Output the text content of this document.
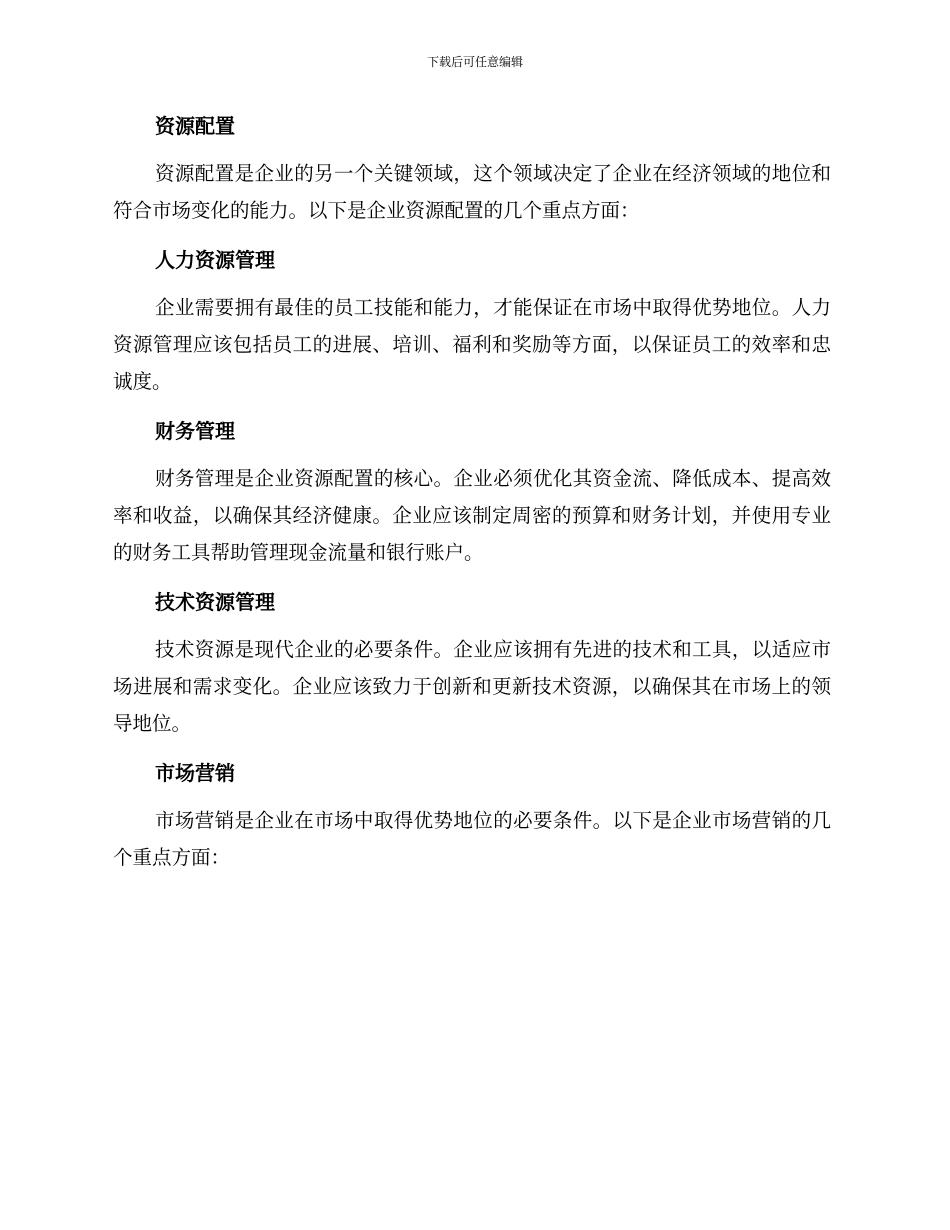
下载后可任意编辑
资源配置
资源配置是企业的另一个关键领域，这个领域决定了企业在经济领域的地位和符合市场变化的能力。以下是企业资源配置的几个重点方面：
人力资源管理
企业需要拥有最佳的员工技能和能力，才能保证在市场中取得优势地位。人力资源管理应该包括员工的进展、培训、福利和奖励等方面，以保证员工的效率和忠诚度。
财务管理
财务管理是企业资源配置的核心。企业必须优化其资金流、降低成本、提高效率和收益，以确保其经济健康。企业应该制定周密的预算和财务计划，并使用专业的财务工具帮助管理现金流量和银行账户。
技术资源管理
技术资源是现代企业的必要条件。企业应该拥有先进的技术和工具，以适应市场进展和需求变化。企业应该致力于创新和更新技术资源，以确保其在市场上的领导地位。
市场营销
市场营销是企业在市场中取得优势地位的必要条件。以下是企业市场营销的几个重点方面：
